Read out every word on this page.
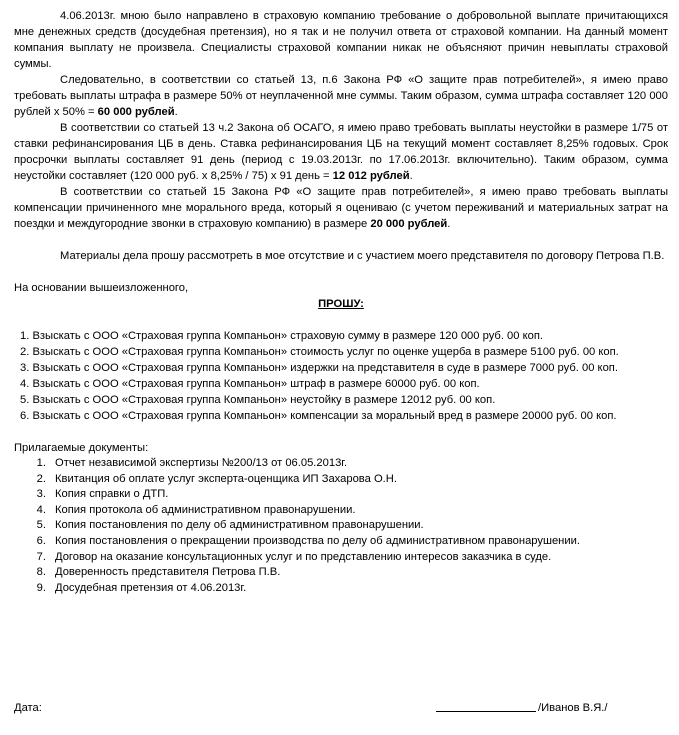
4.06.2013г. мною было направлено в страховую компанию требование о добровольной выплате причитающихся мне денежных средств (досудебная претензия), но я так и не получил ответа от страховой компании. На данный момент компания выплату не произвела. Специалисты страховой компании никак не объясняют причин невыплаты страховой суммы.

Следовательно, в соответствии со статьей 13, п.6 Закона РФ «О защите прав потребителей», я имею право требовать выплаты штрафа в размере 50% от неуплаченной мне суммы. Таким образом, сумма штрафа составляет 120 000 рублей x 50% = 60 000 рублей.

В соответствии со статьей 13 ч.2 Закона об ОСАГО, я имею право требовать выплаты неустойки в размере 1/75 от ставки рефинансирования ЦБ в день. Ставка рефинансирования ЦБ на текущий момент составляет 8,25% годовых. Срок просрочки выплаты составляет 91 день (период с 19.03.2013г. по 17.06.2013г. включительно). Таким образом, сумма неустойки составляет (120 000 руб. x 8,25% / 75) x 91 день = 12 012 рублей.

В соответствии со статьей 15 Закона РФ «О защите прав потребителей», я имею право требовать выплаты компенсации причиненного мне морального вреда, который я оцениваю (с учетом переживаний и материальных затрат на поездки и междугородние звонки в страховую компанию) в размере 20 000 рублей.

Материалы дела прошу рассмотреть в мое отсутствие и с участием моего представителя по договору Петрова П.В.

На основании вышеизложенного,

ПРОШУ:

1. Взыскать с ООО «Страховая группа Компаньон» страховую сумму в размере 120 000 руб. 00 коп.
2. Взыскать с ООО «Страховая группа Компаньон» стоимость услуг по оценке ущерба в размере 5100 руб. 00 коп.
3. Взыскать с ООО «Страховая группа Компаньон» издержки на представителя в суде в размере 7000 руб. 00 коп.
4. Взыскать с ООО «Страховая группа Компаньон» штраф в размере 60000 руб. 00 коп.
5. Взыскать с ООО «Страховая группа Компаньон» неустойку в размере 12012 руб. 00 коп.
6. Взыскать с ООО «Страховая группа Компаньон» компенсации за моральный вред в размере 20000 руб. 00 коп.

Прилагаемые документы:

1. Отчет независимой экспертизы №200/13 от 06.05.2013г.
2. Квитанция об оплате услуг эксперта-оценщика ИП Захарова О.Н.
3. Копия справки о ДТП.
4. Копия протокола об административном правонарушении.
5. Копия постановления по делу об административном правонарушении.
6. Копия постановления о прекращении производства по делу об административном правонарушении.
7. Договор на оказание консультационных услуг и по представлению интересов заказчика в суде.
8. Доверенность представителя Петрова П.В.
9. Досудебная претензия от 4.06.2013г.
Дата:	/Иванов В.Я./
